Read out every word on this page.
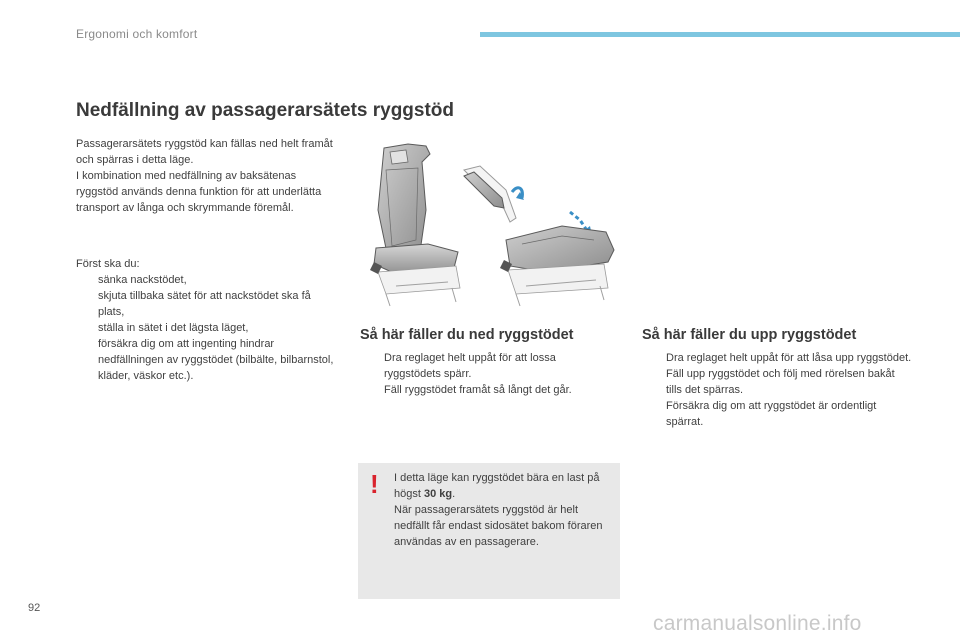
Ergonomi och komfort
Nedfällning av passagerarsätets ryggstöd
Passagerarsätets ryggstöd kan fällas ned helt framåt och spärras i detta läge.
I kombination med nedfällning av baksätenas ryggstöd används denna funktion för att underlätta transport av långa och skrymmande föremål.
Först ska du:
sänka nackstödet,
skjuta tillbaka sätet för att nackstödet ska få plats,
ställa in sätet i det lägsta läget,
försäkra dig om att ingenting hindrar nedfällningen av ryggstödet (bilbälte, bilbarnstol, kläder, väskor etc.).
Så här fäller du ned ryggstödet
Dra reglaget helt uppåt för att lossa ryggstödets spärr.
Fäll ryggstödet framåt så långt det går.
Så här fäller du upp ryggstödet
Dra reglaget helt uppåt för att låsa upp ryggstödet.
Fäll upp ryggstödet och följ med rörelsen bakåt tills det spärras.
Försäkra dig om att ryggstödet är ordentligt spärrat.
!	I detta läge kan ryggstödet bära en last på högst 30 kg.
När passagerarsätets ryggstöd är helt nedfällt får endast sidosätet bakom föraren användas av en passagerare.

92
carmanualsonline.info
